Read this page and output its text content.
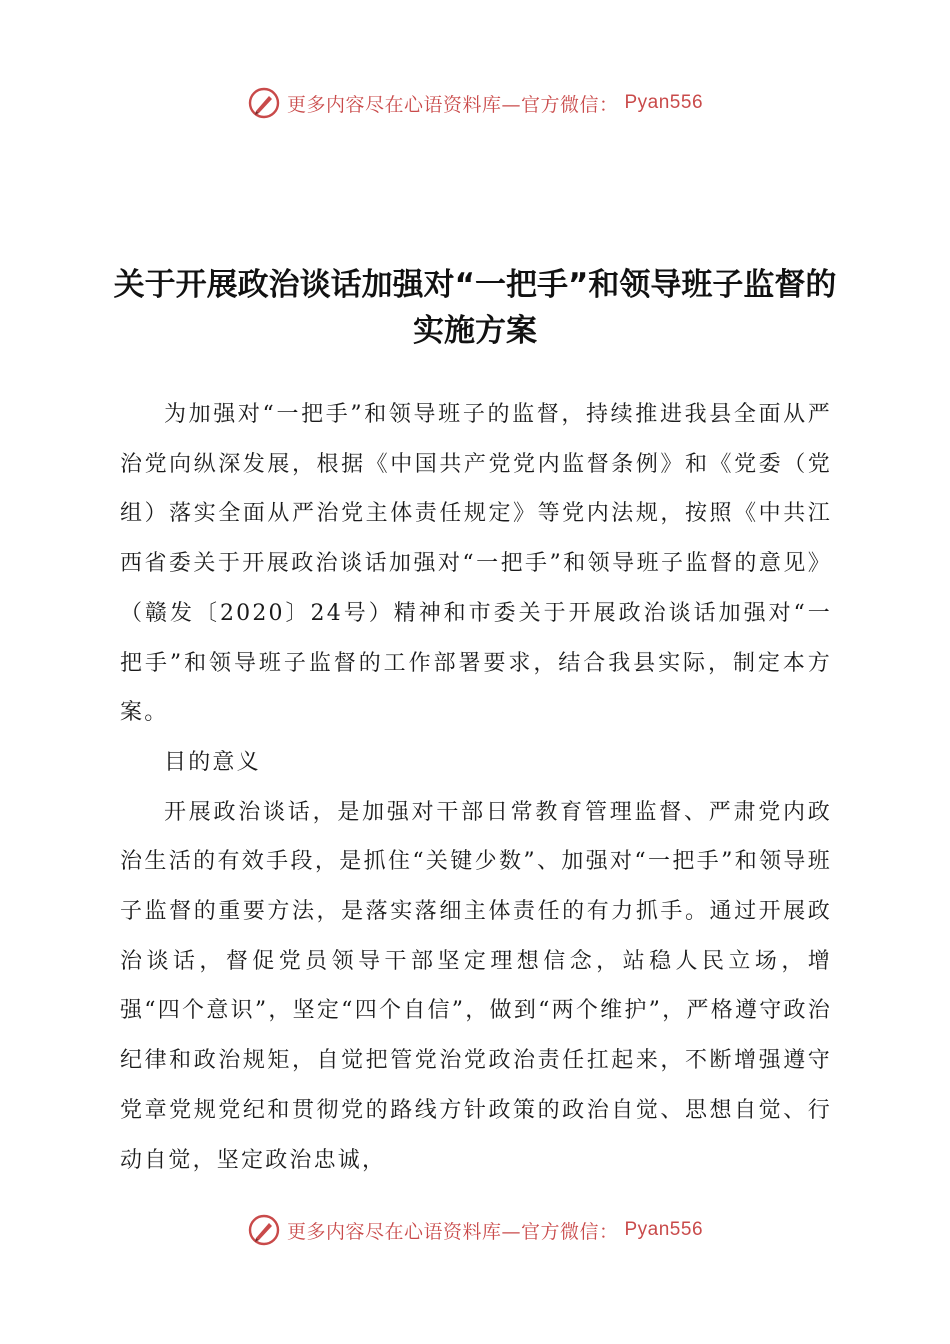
更多内容尽在心语资料库—官方微信： Pyan556
关于开展政治谈话加强对“一把手”和领导班子监督的实施方案

为加强对“一把手”和领导班子的监督，持续推进我县全面从严治党向纵深发展，根据《中国共产党党内监督条例》和《党委（党组）落实全面从严治党主体责任规定》等党内法规，按照《中共江西省委关于开展政治谈话加强对“一把手”和领导班子监督的意见》（赣发〔2020〕24号）精神和市委关于开展政治谈话加强对“一把手”和领导班子监督的工作部署要求，结合我县实际，制定本方案。

目的意义

开展政治谈话，是加强对干部日常教育管理监督、严肃党内政治生活的有效手段，是抓住“关键少数”、加强对“一把手”和领导班子监督的重要方法，是落实落细主体责任的有力抓手。通过开展政治谈话，督促党员领导干部坚定理想信念，站稳人民立场，增强“四个意识”，坚定“四个自信”，做到“两个维护”，严格遵守政治纪律和政治规矩，自觉把管党治党政治责任扛起来，不断增强遵守党章党规党纪和贯彻党的路线方针政策的政治自觉、思想自觉、行动自觉，坚定政治忠诚，

更多内容尽在心语资料库—官方微信： Pyan556
